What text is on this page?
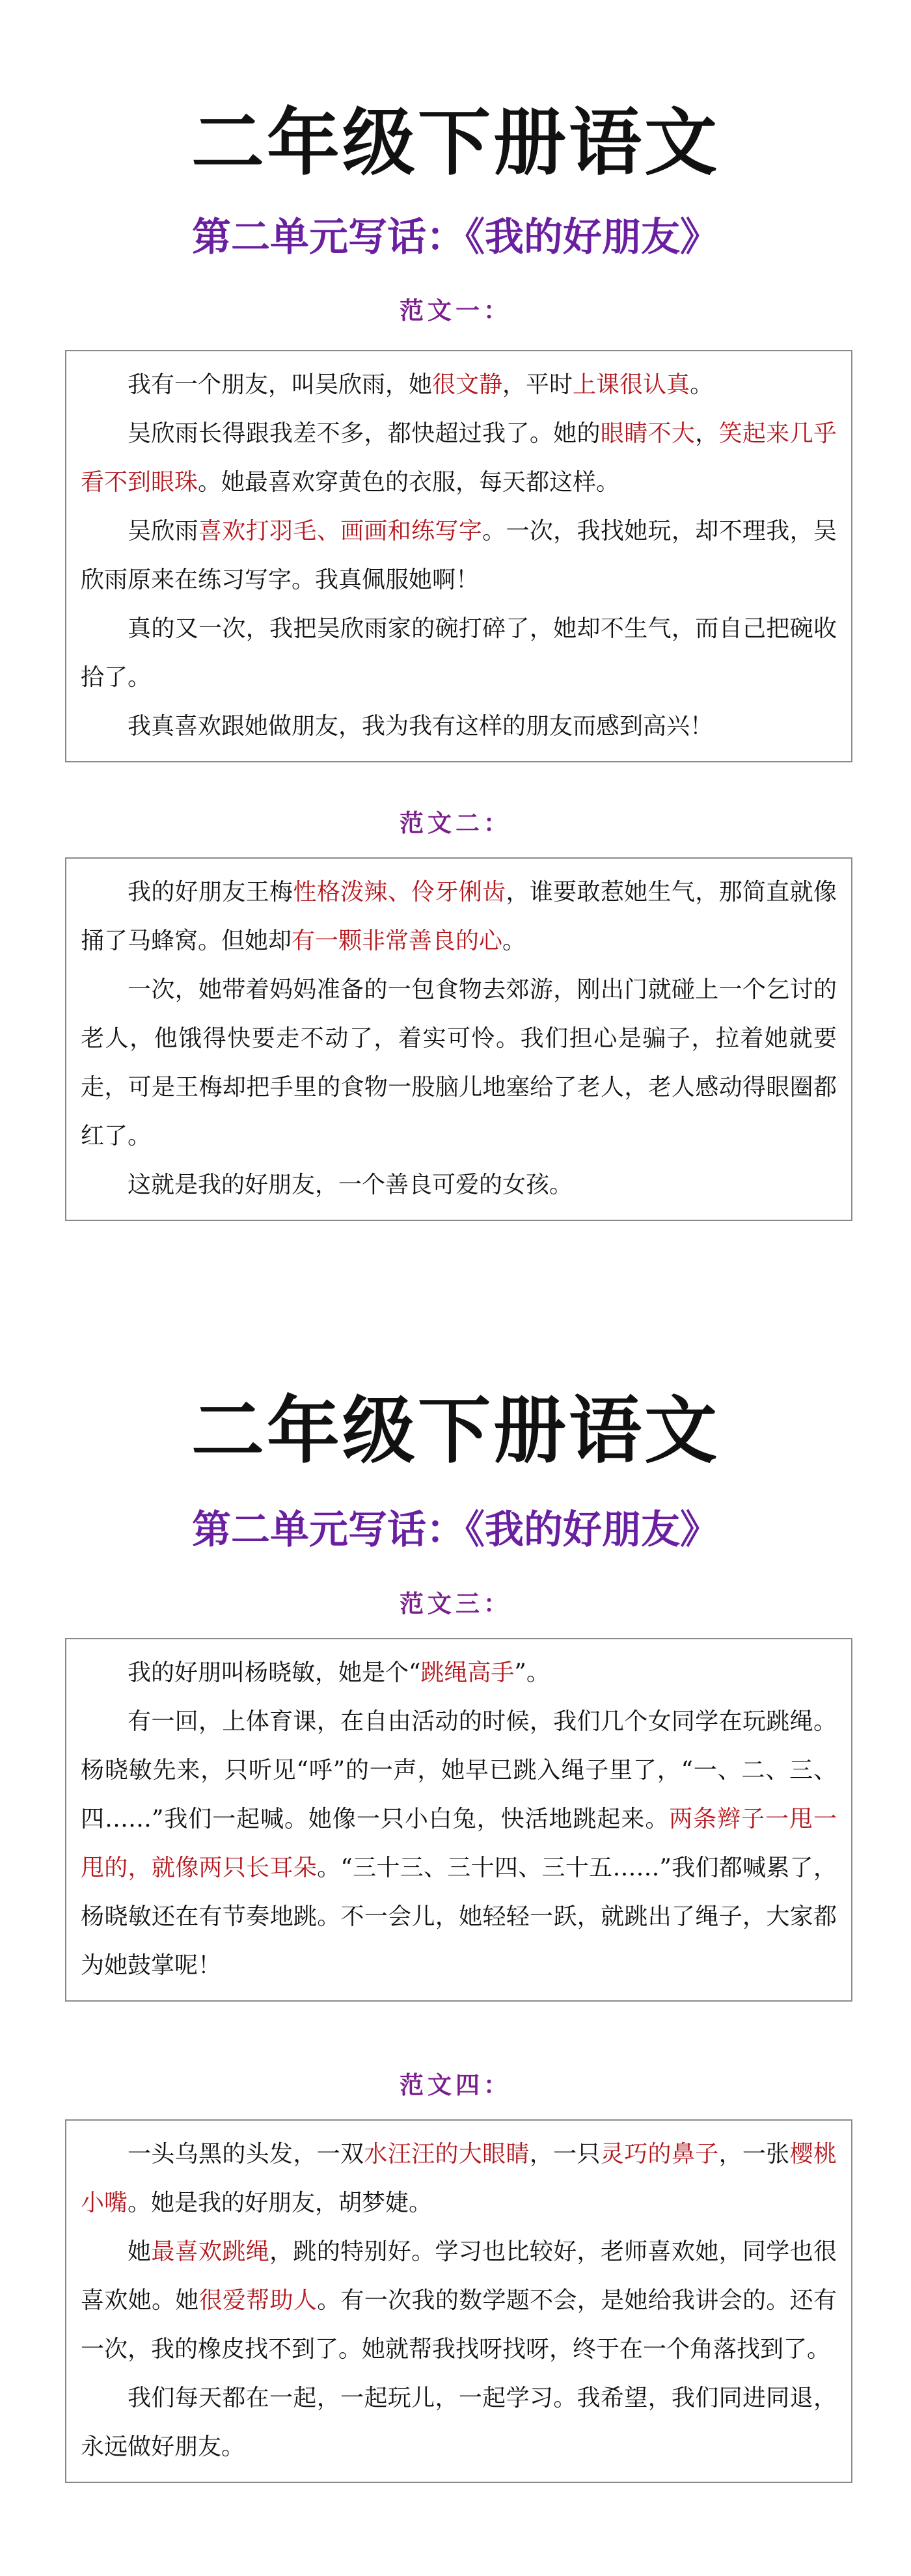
二年级下册语文
第二单元写话：《我的好朋友》
范文一：

我有一个朋友，叫吴欣雨，她很文静，平时上课很认真。

吴欣雨长得跟我差不多，都快超过我了。她的眼睛不大，笑起来几乎看不到眼珠。她最喜欢穿黄色的衣服，每天都这样。

吴欣雨喜欢打羽毛、画画和练写字。一次，我找她玩，却不理我，吴欣雨原来在练习写字。我真佩服她啊！

真的又一次，我把吴欣雨家的碗打碎了，她却不生气，而自己把碗收拾了。

我真喜欢跟她做朋友，我为我有这样的朋友而感到高兴！

范文二：

我的好朋友王梅性格泼辣、伶牙俐齿，谁要敢惹她生气，那简直就像捅了马蜂窝。但她却有一颗非常善良的心。

一次，她带着妈妈准备的一包食物去郊游，刚出门就碰上一个乞讨的老人，他饿得快要走不动了，着实可怜。我们担心是骗子，拉着她就要走，可是王梅却把手里的食物一股脑儿地塞给了老人，老人感动得眼圈都红了。

这就是我的好朋友，一个善良可爱的女孩。

二年级下册语文
第二单元写话：《我的好朋友》
范文三：

我的好朋叫杨晓敏，她是个“跳绳高手”。

有一回，上体育课，在自由活动的时候，我们几个女同学在玩跳绳。杨晓敏先来，只听见“呼”的一声，她早已跳入绳子里了，“一、二、三、四……”我们一起喊。她像一只小白兔，快活地跳起来。两条辫子一甩一甩的，就像两只长耳朵。“三十三、三十四、三十五……”我们都喊累了，杨晓敏还在有节奏地跳。不一会儿，她轻轻一跃，就跳出了绳子，大家都为她鼓掌呢！

范文四：

一头乌黑的头发，一双水汪汪的大眼睛，一只灵巧的鼻子，一张樱桃小嘴。她是我的好朋友，胡梦婕。

她最喜欢跳绳，跳的特别好。学习也比较好，老师喜欢她，同学也很喜欢她。她很爱帮助人。有一次我的数学题不会，是她给我讲会的。还有一次，我的橡皮找不到了。她就帮我找呀找呀，终于在一个角落找到了。

我们每天都在一起，一起玩儿，一起学习。我希望，我们同进同退，永远做好朋友。
